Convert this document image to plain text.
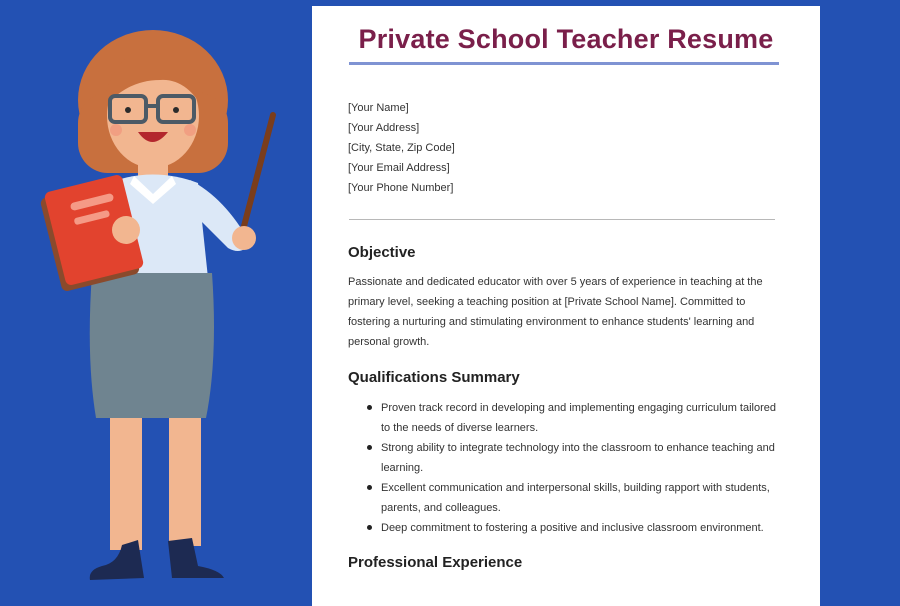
Private School Teacher Resume
[Your Name]
[Your Address]
[City, State, Zip Code]
[Your Email Address]
[Your Phone Number]
Objective

Passionate and dedicated educator with over 5 years of experience in teaching at the primary level, seeking a teaching position at [Private School Name]. Committed to fostering a nurturing and stimulating environment to enhance students' learning and personal growth.

Qualifications Summary
Proven track record in developing and implementing engaging curriculum tailored to the needs of diverse learners.
Strong ability to integrate technology into the classroom to enhance teaching and learning.
Excellent communication and interpersonal skills, building rapport with students, parents, and colleagues.
Deep commitment to fostering a positive and inclusive classroom environment.
Professional Experience
